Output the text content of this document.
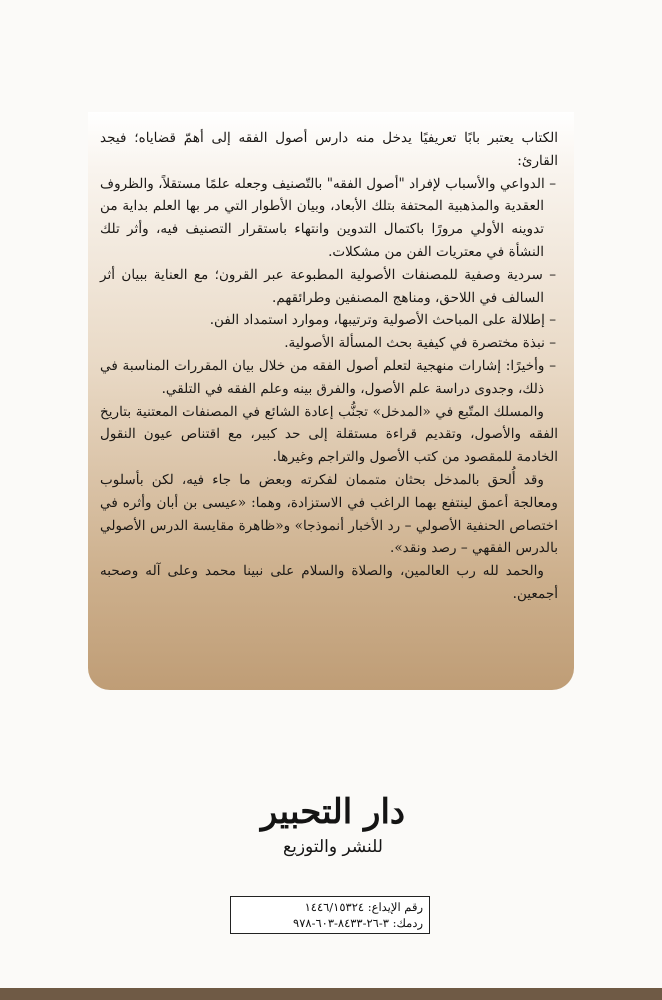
الكتاب يعتبر بابًا تعريفيًا يدخل منه دارس أصول الفقه إلى أهمّ قضاياه؛ فيجد القارئ:

– الدواعي والأسباب لإفراد "أصول الفقه" بالتّصنيف وجعله علمًا مستقلاً، والظروف العقدية والمذهبية المحتفة بتلك الأبعاد، وبيان الأطوار التي مر بها العلم بداية من تدوينه الأولي مرورًا باكتمال التدوين وانتهاء باستقرار التصنيف فيه، وأثر تلك النشأة في معتريات الفن من مشكلات.

– سردية وصفية للمصنفات الأصولية المطبوعة عبر القرون؛ مع العناية ببيان أثر السالف في اللاحق، ومناهج المصنفين وطرائقهم.

– إطلالة على المباحث الأصولية وترتيبها، وموارد استمداد الفن.

– نبذة مختصرة في كيفية بحث المسألة الأصولية.

– وأخيرًا: إشارات منهجية لتعلم أصول الفقه من خلال بيان المقررات المناسبة في ذلك، وجدوى دراسة علم الأصول، والفرق بينه وعلم الفقه في التلقي.

والمسلك المتّبع في «المدخل» تجنُّب إعادة الشائع في المصنفات المعتنية بتاريخ الفقه والأصول، وتقديم قراءة مستقلة إلى حد كبير، مع اقتناص عيون النقول الخادمة للمقصود من كتب الأصول والتراجم وغيرها.

وقد أُلحق بالمدخل بحثان متممان لفكرته وبعض ما جاء فيه، لكن بأسلوب ومعالجة أعمق لينتفع بهما الراغب في الاستزادة، وهما: «عيسى بن أبان وأثره في اختصاص الحنفية الأصولي – رد الأخبار أنموذجا» و«ظاهرة مقايسة الدرس الأصولي بالدرس الفقهي – رصد ونقد».

والحمد لله رب العالمين، والصلاة والسلام على نبينا محمد وعلى آله وصحبه أجمعين.

دار التحبير
للنشر والتوزيع
رقم الإيداع: ١٤٤٦/١٥٣٢٤
ردمك: ٣-٢٦-٨٤٣٣-٦٠٣-٩٧٨
